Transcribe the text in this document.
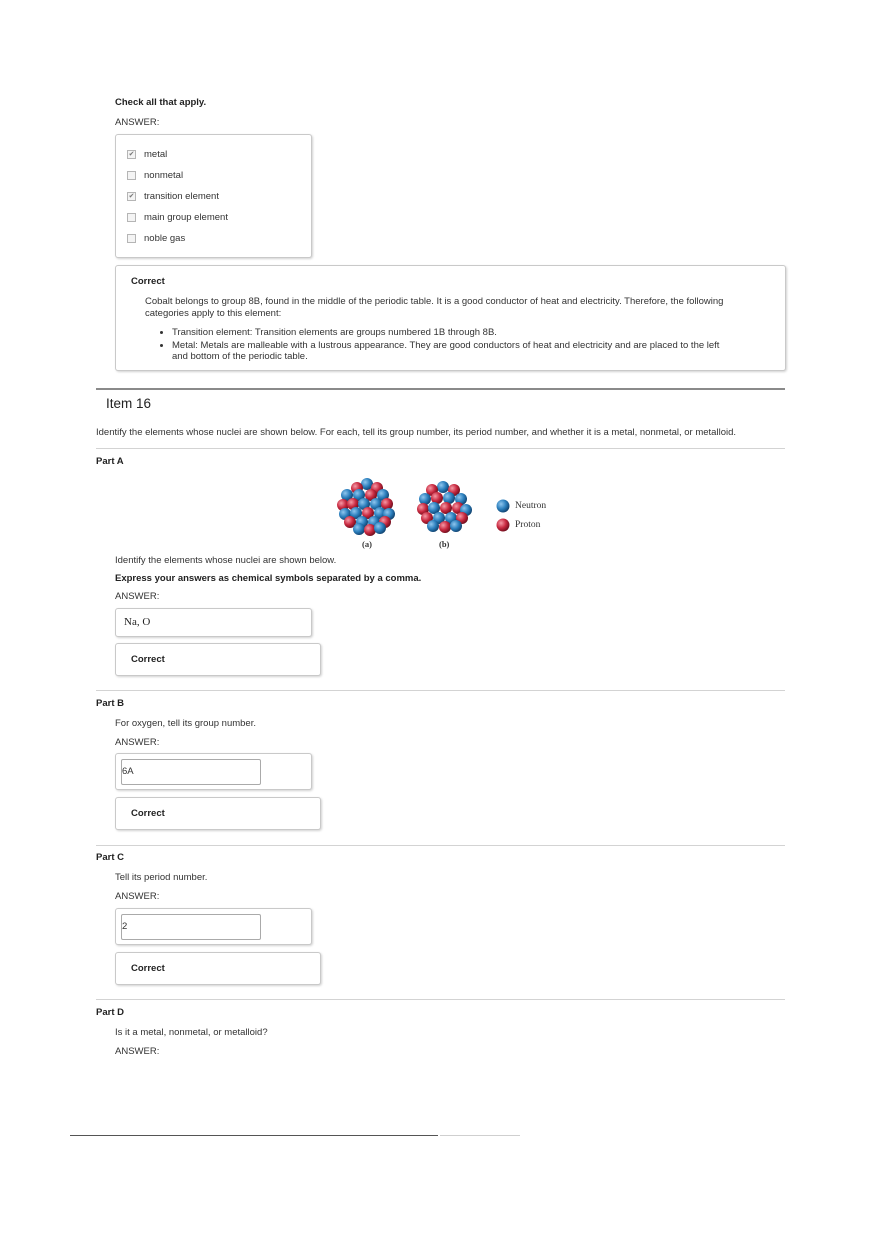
Check all that apply.
ANSWER:
✔ metal
nonmetal
✔ transition element
main group element
noble gas
Correct
Cobalt belongs to group 8B, found in the middle of the periodic table. It is a good conductor of heat and electricity. Therefore, the following categories apply to this element:
• Transition element: Transition elements are groups numbered 1B through 8B.
• Metal: Metals are malleable with a lustrous appearance. They are good conductors of heat and electricity and are placed to the left and bottom of the periodic table.
Item 16
Identify the elements whose nuclei are shown below. For each, tell its group number, its period number, and whether it is a metal, nonmetal, or metalloid.
Part A
(a)	(b)
Neutron
Proton
Identify the elements whose nuclei are shown below.
Express your answers as chemical symbols separated by a comma.
ANSWER:
Na, O
Correct
Part B
For oxygen, tell its group number.
ANSWER:
6A
Correct
Part C
Tell its period number.
ANSWER:
2
Correct
Part D
Is it a metal, nonmetal, or metalloid?
ANSWER:
